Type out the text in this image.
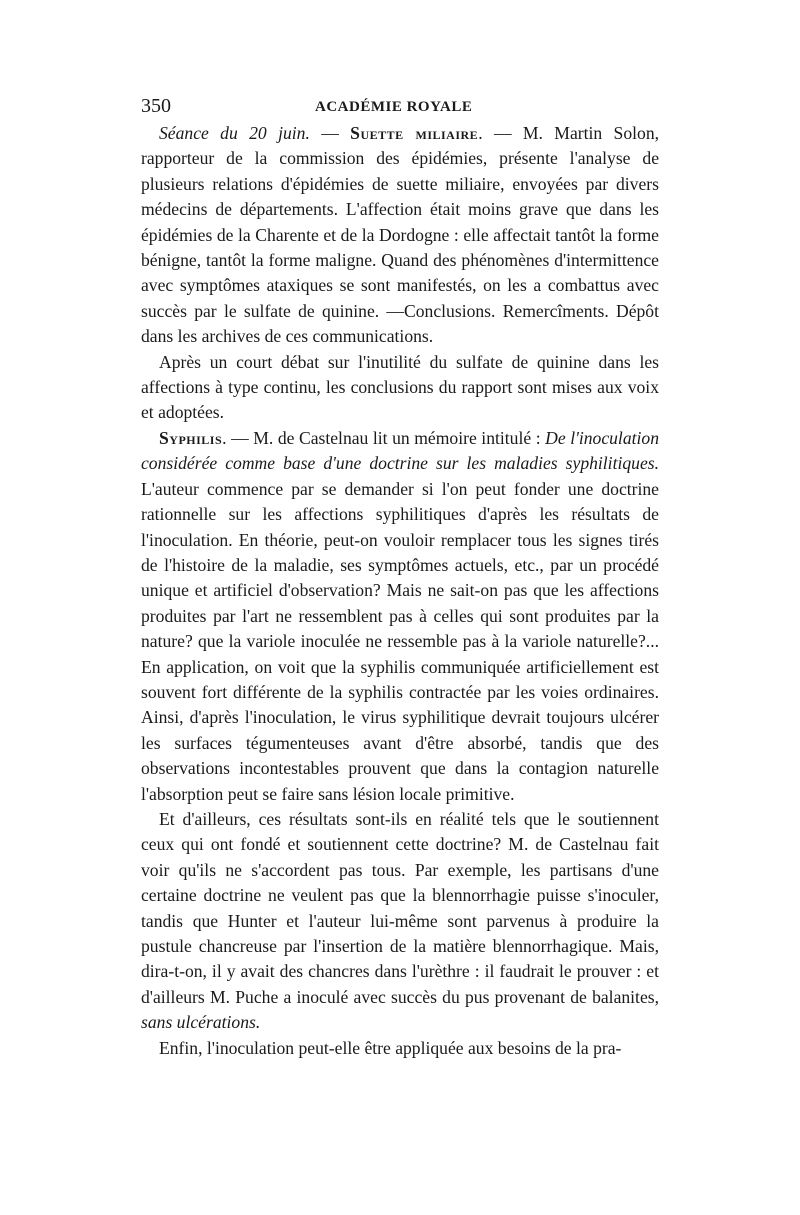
350	ACADÉMIE ROYALE

Séance du 20 juin. — Suette miliaire. — M. Martin Solon, rapporteur de la commission des épidémies, présente l'analyse de plusieurs relations d'épidémies de suette miliaire, envoyées par divers médecins de départements. L'affection était moins grave que dans les épidémies de la Charente et de la Dordogne : elle affectait tantôt la forme bénigne, tantôt la forme maligne. Quand des phénomènes d'intermittence avec symptômes ataxiques se sont manifestés, on les a combattus avec succès par le sulfate de quinine. —Conclusions. Remercîments. Dépôt dans les archives de ces communications.

Après un court débat sur l'inutilité du sulfate de quinine dans les affections à type continu, les conclusions du rapport sont mises aux voix et adoptées.

Syphilis. — M. de Castelnau lit un mémoire intitulé : De l'inoculation considérée comme base d'une doctrine sur les maladies syphilitiques. L'auteur commence par se demander si l'on peut fonder une doctrine rationnelle sur les affections syphilitiques d'après les résultats de l'inoculation. En théorie, peut-on vouloir remplacer tous les signes tirés de l'histoire de la maladie, ses symptômes actuels, etc., par un procédé unique et artificiel d'observation? Mais ne sait-on pas que les affections produites par l'art ne ressemblent pas à celles qui sont produites par la nature? que la variole inoculée ne ressemble pas à la variole naturelle?... En application, on voit que la syphilis communiquée artificiellement est souvent fort différente de la syphilis contractée par les voies ordinaires. Ainsi, d'après l'inoculation, le virus syphilitique devrait toujours ulcérer les surfaces tégumenteuses avant d'être absorbé, tandis que des observations incontestables prouvent que dans la contagion naturelle l'absorption peut se faire sans lésion locale primitive.

Et d'ailleurs, ces résultats sont-ils en réalité tels que le soutiennent ceux qui ont fondé et soutiennent cette doctrine? M. de Castelnau fait voir qu'ils ne s'accordent pas tous. Par exemple, les partisans d'une certaine doctrine ne veulent pas que la blennorrhagie puisse s'inoculer, tandis que Hunter et l'auteur lui-même sont parvenus à produire la pustule chancreuse par l'insertion de la matière blennorrhagique. Mais, dira-t-on, il y avait des chancres dans l'urèthre : il faudrait le prouver : et d'ailleurs M. Puche a inoculé avec succès du pus provenant de balanites, sans ulcérations.

Enfin, l'inoculation peut-elle être appliquée aux besoins de la pra-
